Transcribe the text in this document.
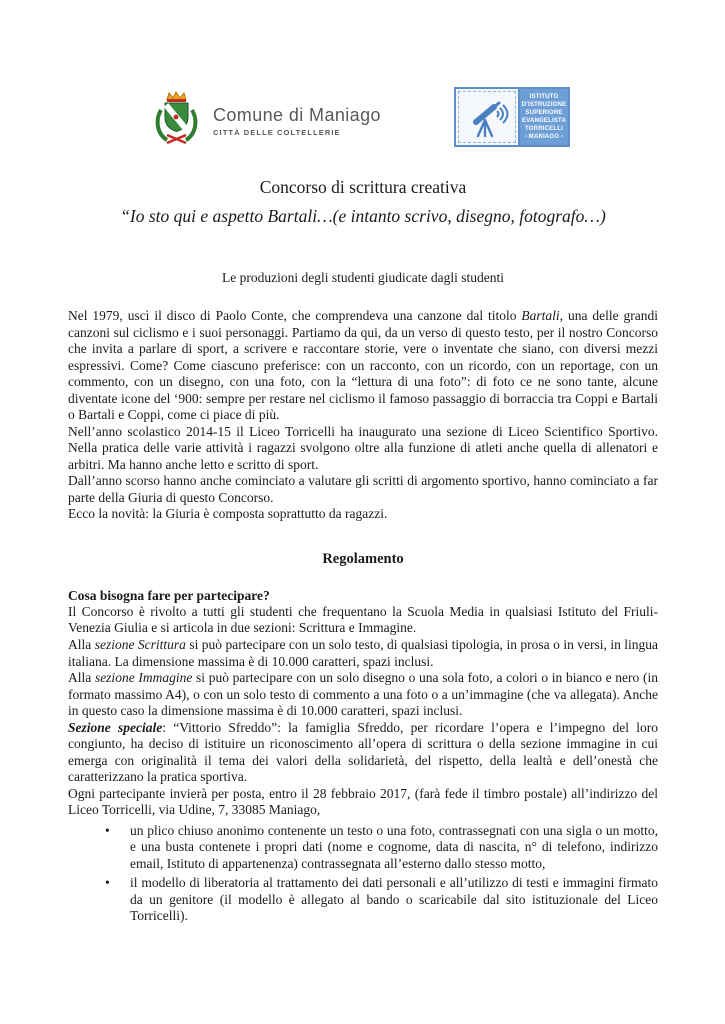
Comune di Maniago
CITTÀ DELLE COLTELLERIE
ISTITUTO
D’ISTRUZIONE
SUPERIORE
EVANGELISTA
TORRICELLI
- MANIAGO -
Concorso di scrittura creativa
“Io sto qui e aspetto Bartali…(e intanto scrivo, disegno, fotografo…)
Le produzioni degli studenti giudicate dagli studenti

Nel 1979, uscì il disco di Paolo Conte, che comprendeva una canzone dal titolo Bartali, una delle grandi canzoni sul ciclismo e i suoi personaggi. Partiamo da qui, da un verso di questo testo, per il nostro Concorso che invita a parlare di sport, a scrivere e raccontare storie, vere o inventate che siano, con diversi mezzi espressivi. Come? Come ciascuno preferisce: con un racconto, con un ricordo, con un reportage, con un commento, con un disegno, con una foto, con la “lettura di una foto”: di foto ce ne sono tante, alcune diventate icone del ‘900: sempre per restare nel ciclismo il famoso passaggio di borraccia tra Coppi e Bartali o Bartali e Coppi, come ci piace di più.

Nell’anno scolastico 2014-15 il Liceo Torricelli ha inaugurato una sezione di Liceo Scientifico Sportivo. Nella pratica delle varie attività i ragazzi svolgono oltre alla funzione di atleti anche quella di allenatori e arbitri. Ma hanno anche letto e scritto di sport.

Dall’anno scorso hanno anche cominciato a valutare gli scritti di argomento sportivo, hanno cominciato a far parte della Giuria di questo Concorso.

Ecco la novità: la Giuria è composta soprattutto da ragazzi.

Regolamento
Cosa bisogna fare per partecipare?

Il Concorso è rivolto a tutti gli studenti che frequentano la Scuola Media in qualsiasi Istituto del Friuli-Venezia Giulia e si articola in due sezioni: Scrittura e Immagine.

Alla sezione Scrittura si può partecipare con un solo testo, di qualsiasi tipologia, in prosa o in versi, in lingua italiana. La dimensione massima è di 10.000 caratteri, spazi inclusi.

Alla sezione Immagine si può partecipare con un solo disegno o una sola foto, a colori o in bianco e nero (in formato massimo A4), o con un solo testo di commento a una foto o a un’immagine (che va allegata). Anche in questo caso la dimensione massima è di 10.000 caratteri, spazi inclusi.

Sezione speciale: “Vittorio Sfreddo”: la famiglia Sfreddo, per ricordare l’opera e l’impegno del loro congiunto, ha deciso di istituire un riconoscimento all’opera di scrittura o della sezione immagine in cui emerga con originalità il tema dei valori della solidarietà, del rispetto, della lealtà e dell’onestà che caratterizzano la pratica sportiva.

Ogni partecipante invierà per posta, entro il 28 febbraio 2017, (farà fede il timbro postale) all’indirizzo del Liceo Torricelli, via Udine, 7, 33085 Maniago,

•	un plico chiuso anonimo contenente un testo o una foto, contrassegnati con una sigla o un motto, e una busta contenete i propri dati (nome e cognome, data di nascita, n° di telefono, indirizzo email, Istituto di appartenenza) contrassegnata all’esterno dallo stesso motto,
•	il modello di liberatoria al trattamento dei dati personali e all’utilizzo di testi e immagini firmato da un genitore (il modello è allegato al bando o scaricabile dal sito istituzionale del Liceo Torricelli).
